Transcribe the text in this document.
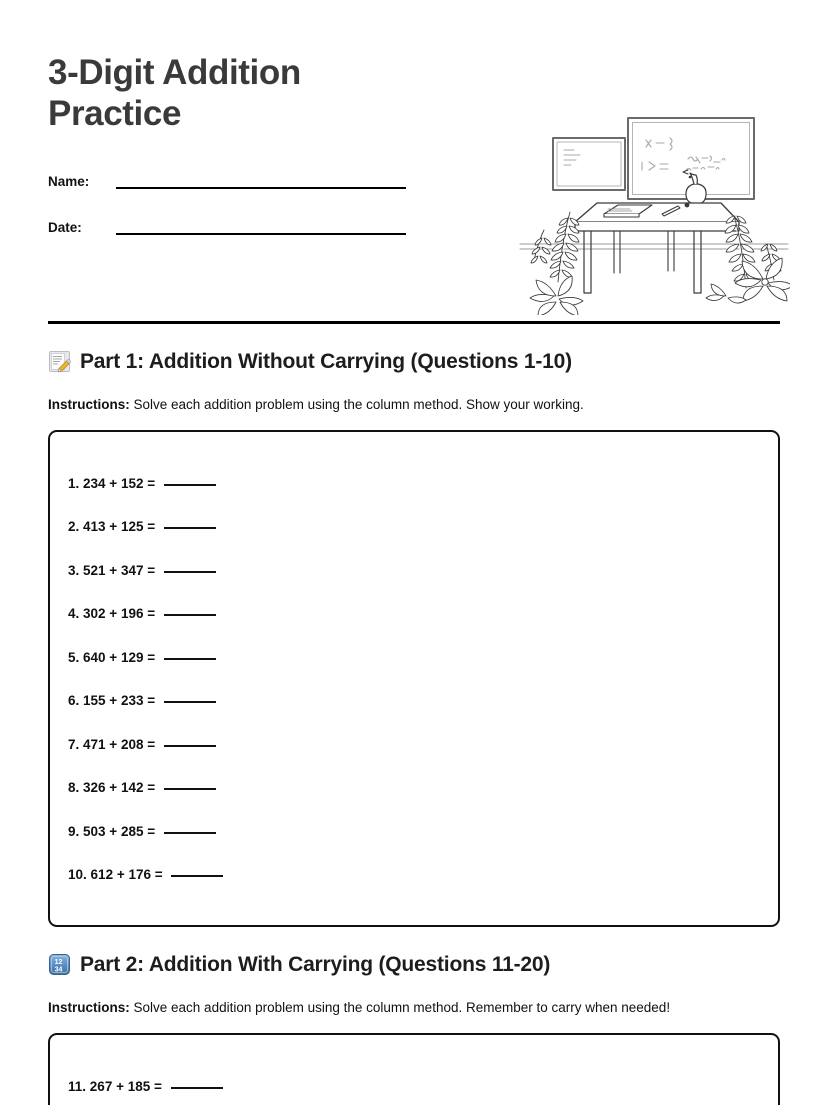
3-Digit Addition Practice
Name:
Date:
Part 1: Addition Without Carrying (Questions 1-10)
Instructions: Solve each addition problem using the column method. Show your working.
1. 234 + 152 =
2. 413 + 125 =
3. 521 + 347 =
4. 302 + 196 =
5. 640 + 129 =
6. 155 + 233 =
7. 471 + 208 =
8. 326 + 142 =
9. 503 + 285 =
10. 612 + 176 =
12
34 Part 2: Addition With Carrying (Questions 11-20)
Instructions: Solve each addition problem using the column method. Remember to carry when needed!
11. 267 + 185 =
